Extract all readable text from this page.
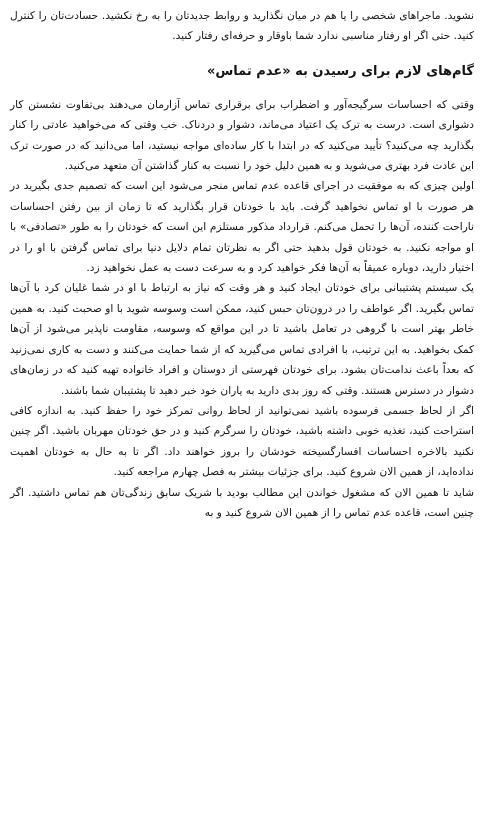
نشوید. ماجراهای شخصی را یا هم در میان نگذارید و روابط جدیدتان را به رخ نکشید. حسادت‌تان را کنترل کنید. حتی اگر او رفتار مناسبی ندارد شما باوقار و حرفه‌ای رفتار کنید.

گام‌های لازم برای رسیدن به «عدم تماس»

وقتی که احساسات سرگیجه‌آور و اضطراب برای برقراری تماس آزارمان می‌دهند بی‌تفاوت نشستن کار دشواری است. درست به ترک یک اعتیاد می‌ماند، دشوار و دردناک. خب وقتی که می‌خواهید عادتی را کنار بگذارید چه می‌کنید؟ تأیید می‌کنید که در ابتدا با کار ساده‌ای مواجه نیستید، اما می‌دانید که در صورت ترک این عادت فرد بهتری می‌شوید و به همین دلیل خود را نسبت به کنار گذاشتن آن متعهد می‌کنید.

اولین چیزی که به موفقیت در اجرای قاعده عدم تماس منجر می‌شود این است که تصمیم جدی بگیرید در هر صورت با او تماس نخواهید گرفت. باید با خودتان قرار بگذارید که تا زمان از بین رفتن احساسات ناراحت کننده، آن‌ها را تحمل می‌کنم. قرارداد مذکور مستلزم این است که خودتان را به طور «تصادفی» با او مواجه نکنید. به خودتان قول بدهید حتی اگر به نظرتان تمام دلایل دنیا برای تماس گرفتن با او را در اختیار دارید، دوباره عمیقاً به آن‌ها فکر خواهید کرد و به سرعت دست به عمل نخواهید زد.

یک سیستم پشتیبانی برای خودتان ایجاد کنید و هر وقت که نیاز به ارتباط با او در شما غلیان کرد با آن‌ها تماس بگیرید. اگر عواطف را در درون‌تان حبس کنید، ممکن است وسوسه شوید با او صحبت کنید. به همین خاطر بهتر است با گروهی در تعامل باشید تا در این مواقع که وسوسه، مقاومت ناپذیر می‌شود از آن‌ها کمک بخواهید. به این ترتیب، با افرادی تماس می‌گیرید که از شما حمایت می‌کنند و دست به کاری نمی‌زنید که بعداً باعث ندامت‌تان بشود. برای خودتان فهرستی از دوستان و افراد خانواده تهیه کنید که در زمان‌های دشوار در دسترس هستند. وقتی که روز بدی دارید به یاران خود خبر دهید تا پشتیبان شما باشند.

اگر از لحاظ جسمی فرسوده باشید نمی‌توانید از لحاظ روانی تمرکز خود را حفظ کنید. به اندازه کافی استراحت کنید، تغذیه خوبی داشته باشید، خودتان را سرگرم کنید و در حق خودتان مهربان باشید. اگر چنین نکنید بالاخره احساسات افسارگسیخته خودشان را بروز خواهند داد. اگر تا به حال به خودتان اهمیت نداده‌اید، از همین الان شروع کنید. برای جزئیات بیشتر به فصل چهارم مراجعه کنید.

شاید تا همین الان که مشغول خواندن این مطالب بودید با شریک سابق زندگی‌تان هم تماس داشتید. اگر چنین است، قاعده عدم تماس را از همین الان شروع کنید و به
